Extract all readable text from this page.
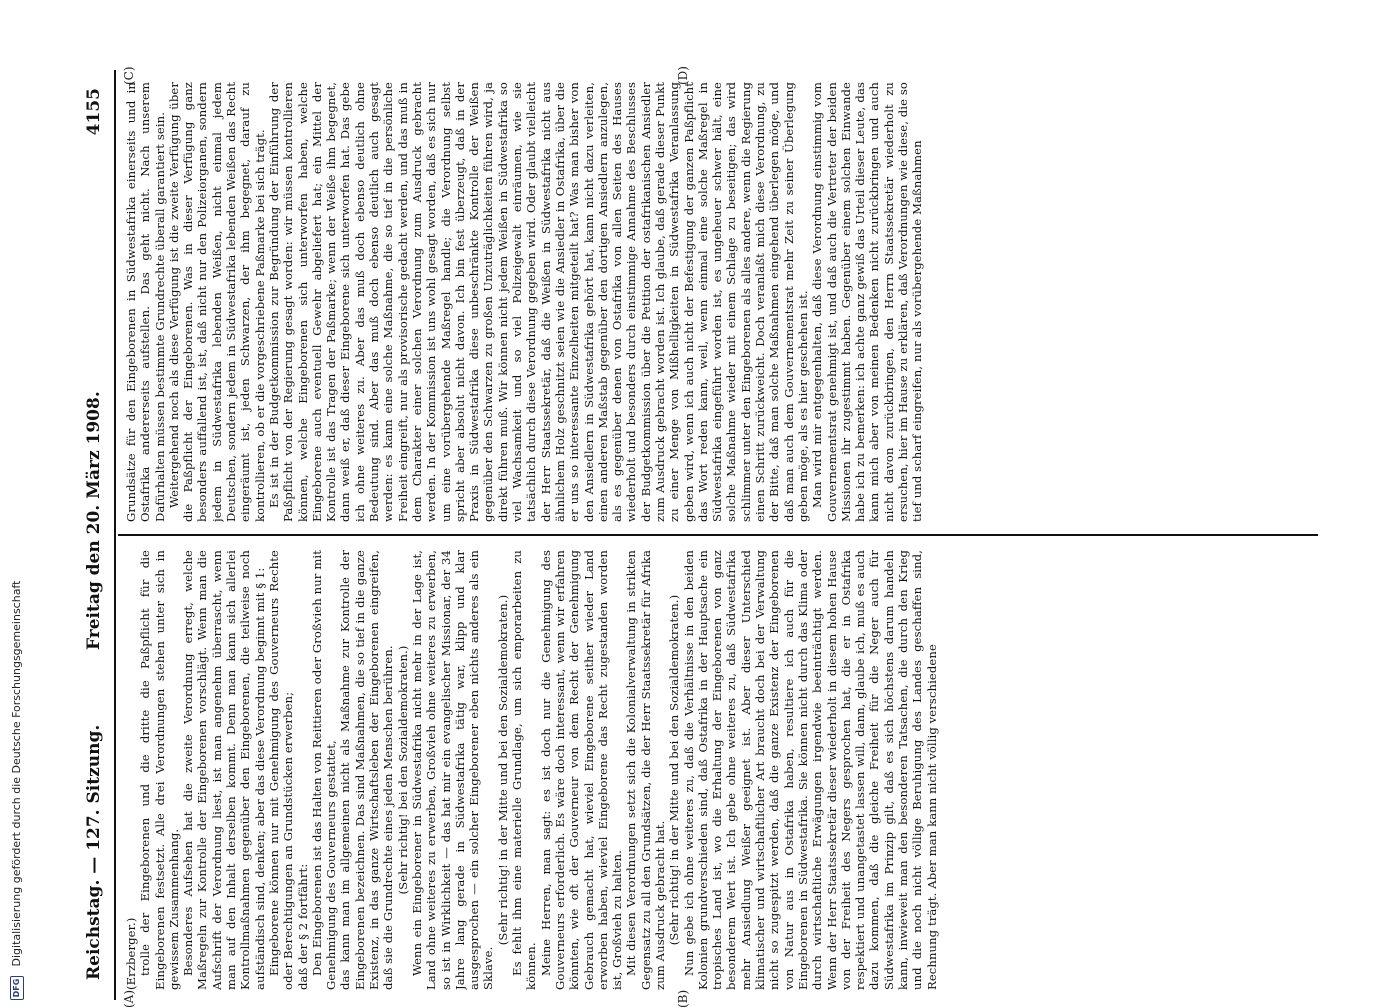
Reichstag. — 127. Sitzung.
Freitag den 20. März 1908.
4155
(A)	(B)
(C)	(D)

(Erzberger.) trolle der Eingeborenen und die dritte die Paßpflicht für die Eingeborenen festsetzt. Alle drei Verordnungen stehen unter sich in gewissem Zusammenhang. Besonderes Aufsehen hat die zweite Verordnung erregt, welche Maßregeln zur Kontrolle der Eingeborenen vorschlägt. Wenn man die Aufschrift der Verordnung liest, ist man angenehm überrascht, wenn man auf den Inhalt derselben kommt. Denn man kann sich allerlei Kontrollmaßnahmen gegenüber den Eingeborenen, die teilweise noch aufständisch sind, denken; aber das diese Verordnung beginnt mit § 1: Eingeborene können nur mit Genehmigung des Gouverneurs Rechte oder Berechtigungen an Grundstücken erwerben; daß der § 2 fortfährt: Den Eingeborenen ist das Halten von Reittieren oder Großvieh nur mit Genehmigung des Gouverneurs gestattet, das kann man im allgemeinen nicht als Maßnahme zur Kontrolle der Eingeborenen bezeichnen. Das sind Maßnahmen, die so tief in die ganze Existenz, in das ganze Wirtschaftsleben der Eingeborenen eingreifen, daß sie die Grundrechte eines jeden Menschen berühren. (Sehr richtig! bei den Sozialdemokraten.) Wenn ein Eingeborener in Südwestafrika nicht mehr in der Lage ist, Land ohne weiteres zu erwerben, Großvieh ohne weiteres zu erwerben, so ist in Wirklichkeit — das hat mir ein evangelischer Missionar, der 34 Jahre lang gerade in Südwestafrika tätig war, klipp und klar ausgesprochen — ein solcher Eingeborener eben nichts anderes als ein Sklave.

(Sehr richtig! in der Mitte und bei den Sozialdemokraten.) Es fehlt ihm eine materielle Grundlage, um sich emporarbeiten zu können. Meine Herren, man sagt: es ist doch nur die Genehmigung des Gouverneurs erforderlich. Es wäre doch interessant, wenn wir erfahren könnten, wie oft der Gouverneur von dem Recht der Genehmigung Gebrauch gemacht hat, wieviel Eingeborene seither wieder Land erworben haben, wieviel Eingeborene das Recht zugestanden worden ist, Großvieh zu halten. Mit diesen Verordnungen setzt sich die Kolonialverwaltung in strikten Gegensatz zu all den Grundsätzen, die der Herr Staatssekretär für Afrika zum Ausdruck gebracht hat. (Sehr richtig! in der Mitte und bei den Sozialdemokraten.) Nun gebe ich ohne weiteres zu, daß die Verhältnisse in den beiden Kolonien grundverschieden sind, daß Ostafrika in der Hauptsache ein tropisches Land ist, wo die Erhaltung der Eingeborenen von ganz besonderem Wert ist. Ich gebe ohne weiteres zu, daß Südwestafrika mehr Ansiedlung Weißer geeignet ist. Aber dieser Unterschied klimatischer und wirtschaftlicher Art braucht doch bei der Verwaltung nicht so zugespitzt werden, daß die ganze Existenz der Eingeborenen von Natur aus in Ostafrika haben, resultiere ich auch für die Eingeborenen in Südwestafrika. Sie können nicht durch das Klima oder durch wirtschaftliche Erwägungen irgendwie beeinträchtigt werden. Wenn der Herr Staatssekretär dieser wiederholt in diesem hohen Hause von der Freiheit des Negers gesprochen hat, die er in Ostafrika respektiert und unangetastet lassen will, dann, glaube ich, muß es auch dazu kommen, daß die gleiche Freiheit für die Neger auch für Südwestafrika im Prinzip gilt, daß es sich höchstens darum handeln kann, inwieweit man den besonderen Tatsachen, die durch den Krieg und die noch nicht völlige Beruhigung des Landes geschaffen sind, Rechnung trägt. Aber man kann nicht völlig verschiedene

Grundsätze für den Eingeborenen in Südwestafrika einerseits und in Ostafrika andererseits aufstellen. Das geht nicht. Nach unserem Dafürhalten müssen bestimmte Grundrechte überall garantiert sein. Weitergehend noch als diese Verfügung ist die zweite Verfügung über die Paßpflicht der Eingeborenen. Was in dieser Verfügung ganz besonders auffallend ist, ist, daß nicht nur den Polizeiorganen, sondern jedem in Südwestafrika lebenden Weißen, nicht einmal jedem Deutschen, sondern jedem in Südwestafrika lebenden Weißen das Recht eingeräumt ist, jeden Schwarzen, der ihm begegnet, darauf zu kontrollieren, ob er die vorgeschriebene Paßmarke bei sich trägt. Es ist in der Budgetkommission zur Begründung der Einführung der Paßpflicht von der Regierung gesagt worden: wir müssen kontrollieren können, welche Eingeborenen sich unterworfen haben, welche Eingeborene auch eventuell Gewehr abgeliefert hat; ein Mittel der Kontrolle ist das Tragen der Paßmarke; wenn der Weiße ihm begegnet, dann weiß er, daß dieser Eingeborene sich unterworfen hat. Das gebe ich ohne weiteres zu. Aber das muß doch ebenso deutlich ohne Bedeutung sind. Aber das muß doch ebenso deutlich auch gesagt werden: es kann eine solche Maßnahme, die so tief in die persönliche Freiheit eingreift, nur als provisorische gedacht werden, und das muß in dem Charakter einer solchen Verordnung zum Ausdruck gebracht werden. In der Kommission ist uns wohl gesagt worden, daß es sich nur um eine vorübergehende Maßregel handle; die Verordnung selbst spricht aber absolut nicht davon. Ich bin fest überzeugt, daß in der Praxis in Südwestafrika diese unbeschränkte Kontrolle der Weißen gegenüber den Schwarzen zu großen Unzuträglichkeiten führen wird, ja direkt führen muß. Wir können nicht jedem Weißen in Südwestafrika so viel Wachsamkeit und so viel Polizeigewalt einräumen, wie sie tatsächlich durch diese Verordnung gegeben wird. Oder glaubt vielleicht der Herr Staatssekretär, daß die Weißen in Südwestafrika nicht aus ähnlichem Holz geschnitzt seien wie die Ansiedler in Ostafrika, über die er uns so interessante Einzelheiten mitgeteilt hat? Was man bisher von den Ansiedlern in Südwestafrika gehört hat, kann nicht dazu verleiten, einen anderen Maßstab gegenüber den dortigen Ansiedlern anzulegen, als es gegenüber denen von Ostafrika von allen Seiten des Hauses wiederholt und besonders durch einstimmige Annahme des Beschlusses der Budgetkommission über die Petition der ostafrikanischen Ansiedler zum Ausdruck gebracht worden ist. Ich glaube, daß gerade dieser Punkt zu einer Menge von Mißhelligkeiten in Südwestafrika Veranlassung geben wird, wenn ich auch nicht der Befestigung der ganzen Paßpflicht das Wort reden kann, weil, wenn einmal eine solche Maßregel in Südwestafrika eingeführt worden ist, es ungeheuer schwer hält, eine solche Maßnahme wieder mit einem Schlage zu beseitigen; das wird schlimmer unter den Eingeborenen als alles andere, wenn die Regierung einen Schritt zurückweicht. Doch veranlaßt mich diese Verordnung, zu der Bitte, daß man solche Maßnahmen eingehend überlegen möge, und daß man auch dem Gouvernementsrat mehr Zeit zu seiner Überlegung geben möge, als es hier geschehen ist. Man wird mir entgegenhalten, daß diese Verordnung einstimmig vom Gouvernementsrat genehmigt ist, und daß auch die Vertreter der beiden Missionen ihr zugestimmt haben. Gegenüber einem solchen Einwande habe ich zu bemerken: ich achte ganz gewiß das Urteil dieser Leute, das kann mich aber von meinen Bedenken nicht zurückbringen und auch nicht davon zurückbringen, den Herrn Staatssekretär wiederholt zu ersuchen, hier im Hause zu erklären, daß Verordnungen wie diese, die so tief und scharf eingreifen, nur als vorübergehende Maßnahmen

DFG Digitalisierung gefördert durch die Deutsche Forschungsgemeinschaft
